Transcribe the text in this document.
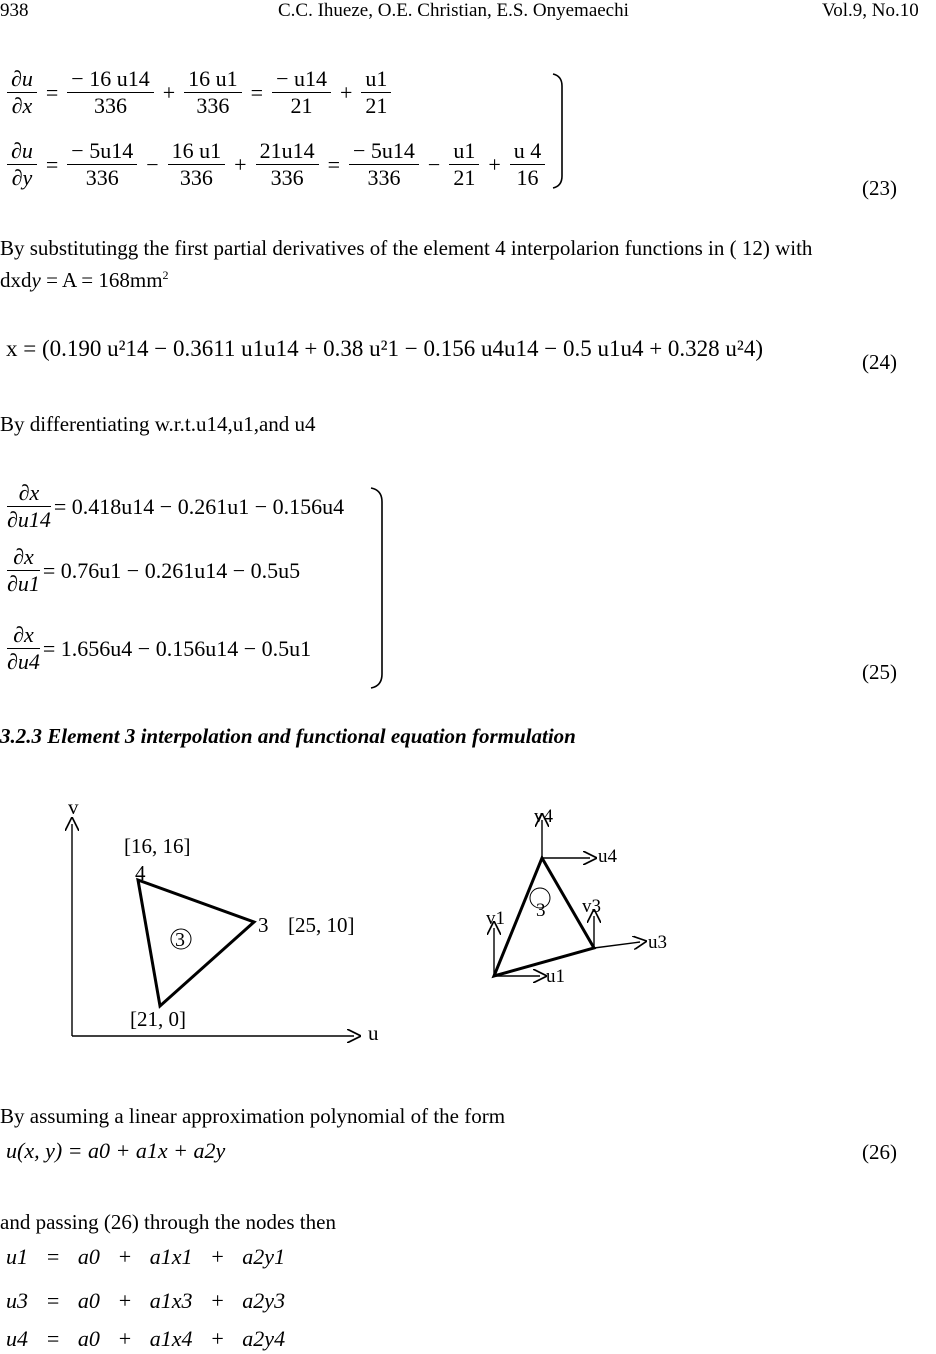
938	C.C. Ihueze, O.E. Christian, E.S. Onyemaechi	Vol.9, No.10
$\frac{\partial u}{\partial x} = \frac{- 16 u14}{336} + \frac{16 u1}{336} = \frac{- u14}{21} + \frac{u1}{21}$
$\frac{\partial u}{\partial y} = \frac{- 5u14}{336} - \frac{16 u1}{336} + \frac{21u14}{336} = \frac{- 5u14}{336} - \frac{u1}{21} + \frac{u 4}{16}$	(23)
By substitutingg the first partial derivatives of the element 4 interpolarion functions in ( 12) with
dxdy = $A = 168mm^2$
x = (0.190 u²14 − 0.3611 u1u14 + 0.38 u²1 − 0.156 u4u14 − 0.5 u1u4 + 0.328 u²4)
(24)
By differentiating w.r.t.u14,u1,and u4
$\frac{\partial x}{\partial u14} = 0.418u14 - 0.261u1 - 0.156u4$
$\frac{\partial x}{\partial u1} = 0.76u1 - 0.261u14 - 0.5u5$
$\frac{\partial x}{\partial u4} = 1.656u4 - 0.156u14 - 0.5u1$
(25)
3.2.3 Element 3 interpolation and functional equation formulation
v
u
[16, 16]
4
3 [25, 10]
[21, 0]
3
v4
u4
v3
u3
v1
u1
3
By assuming a linear approximation polynomial of the form
u(x, y) = a0 + a1x + a2y	(26)
and passing (26) through the nodes then
u1 = a0 + a1x1 + a2y1
u3 = a0 + a1x3 + a2y3
u4 = a0 + a1x4 + a2y4
